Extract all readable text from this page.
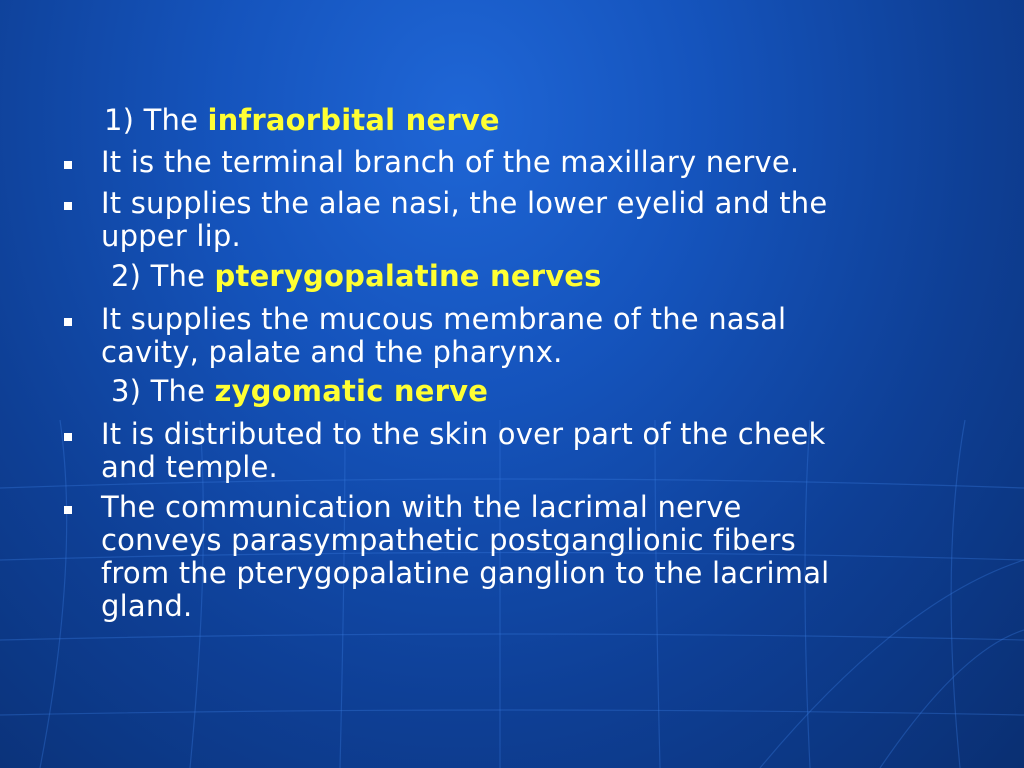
1) The infraorbital nerve
It is the terminal branch of the maxillary nerve.
It supplies the alae nasi, the lower eyelid and the
upper lip.
2) The pterygopalatine nerves
It supplies the mucous membrane of the nasal
cavity, palate and the pharynx.
3) The zygomatic nerve
It is distributed to the skin over part of the cheek
and temple.
The communication with the lacrimal nerve
conveys parasympathetic postganglionic fibers
from the pterygopalatine ganglion to the lacrimal
gland.
